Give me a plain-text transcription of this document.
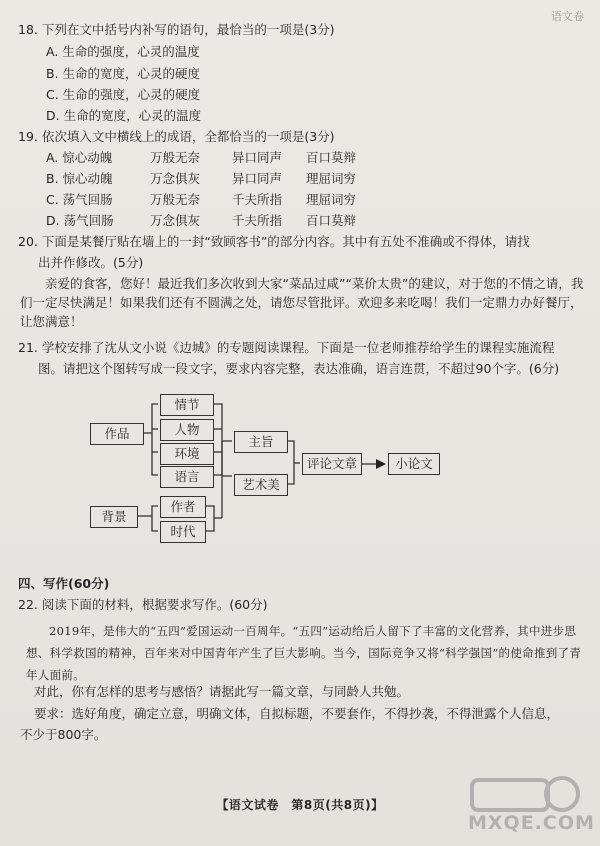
语文卷
18. 下列在文中括号内补写的语句，最恰当的一项是(3分)
A. 生命的强度，心灵的温度
B. 生命的宽度，心灵的硬度
C. 生命的强度，心灵的硬度
D. 生命的宽度，心灵的温度
19. 依次填入文中横线上的成语，全都恰当的一项是(3分)
A. 惊心动魄	万般无奈	异口同声 百口莫辩
B. 惊心动魄	万念俱灰	异口同声 理屈词穷
C. 荡气回肠	万般无奈	千夫所指 理屈词穷
D. 荡气回肠	万念俱灰	千夫所指 百口莫辩
20. 下面是某餐厅贴在墙上的一封“致顾客书”的部分内容。其中有五处不准确或不得体，请找
出并作修改。(5分)
亲爱的食客，您好！最近我们多次收到大家“菜品过咸”“菜价太贵”的建议，对于您的不情之请，我们一定尽快满足！如果我们还有不圆满之处，请您尽管批评。欢迎多来吃喝！我们一定鼎力办好餐厅，让您满意！
21. 学校安排了沈从文小说《边城》的专题阅读课程。下面是一位老师推荐给学生的课程实施流程
图。请把这个图转写成一段文字，要求内容完整，表达准确，语言连贯，不超过90个字。(6分)
作品
情节
人物
环境
语言
背景
作者
时代
主旨
艺术美
评论文章	小论文
四、写作(60分)
22. 阅读下面的材料，根据要求写作。(60分)
2019年，是伟大的“五四”爱国运动一百周年。“五四”运动给后人留下了丰富的文化营养，其中进步思想、科学救国的精神，百年来对中国青年产生了巨大影响。当今，国际竞争又将“科学强国”的使命推到了青年人面前。
对此，你有怎样的思考与感悟？请据此写一篇文章，与同龄人共勉。
要求：选好角度，确定立意，明确文体，自拟标题，不要套作，不得抄袭，不得泄露个人信息，
不少于800字。
【语文试卷　第8页(共8页)】
MXQE.COM
